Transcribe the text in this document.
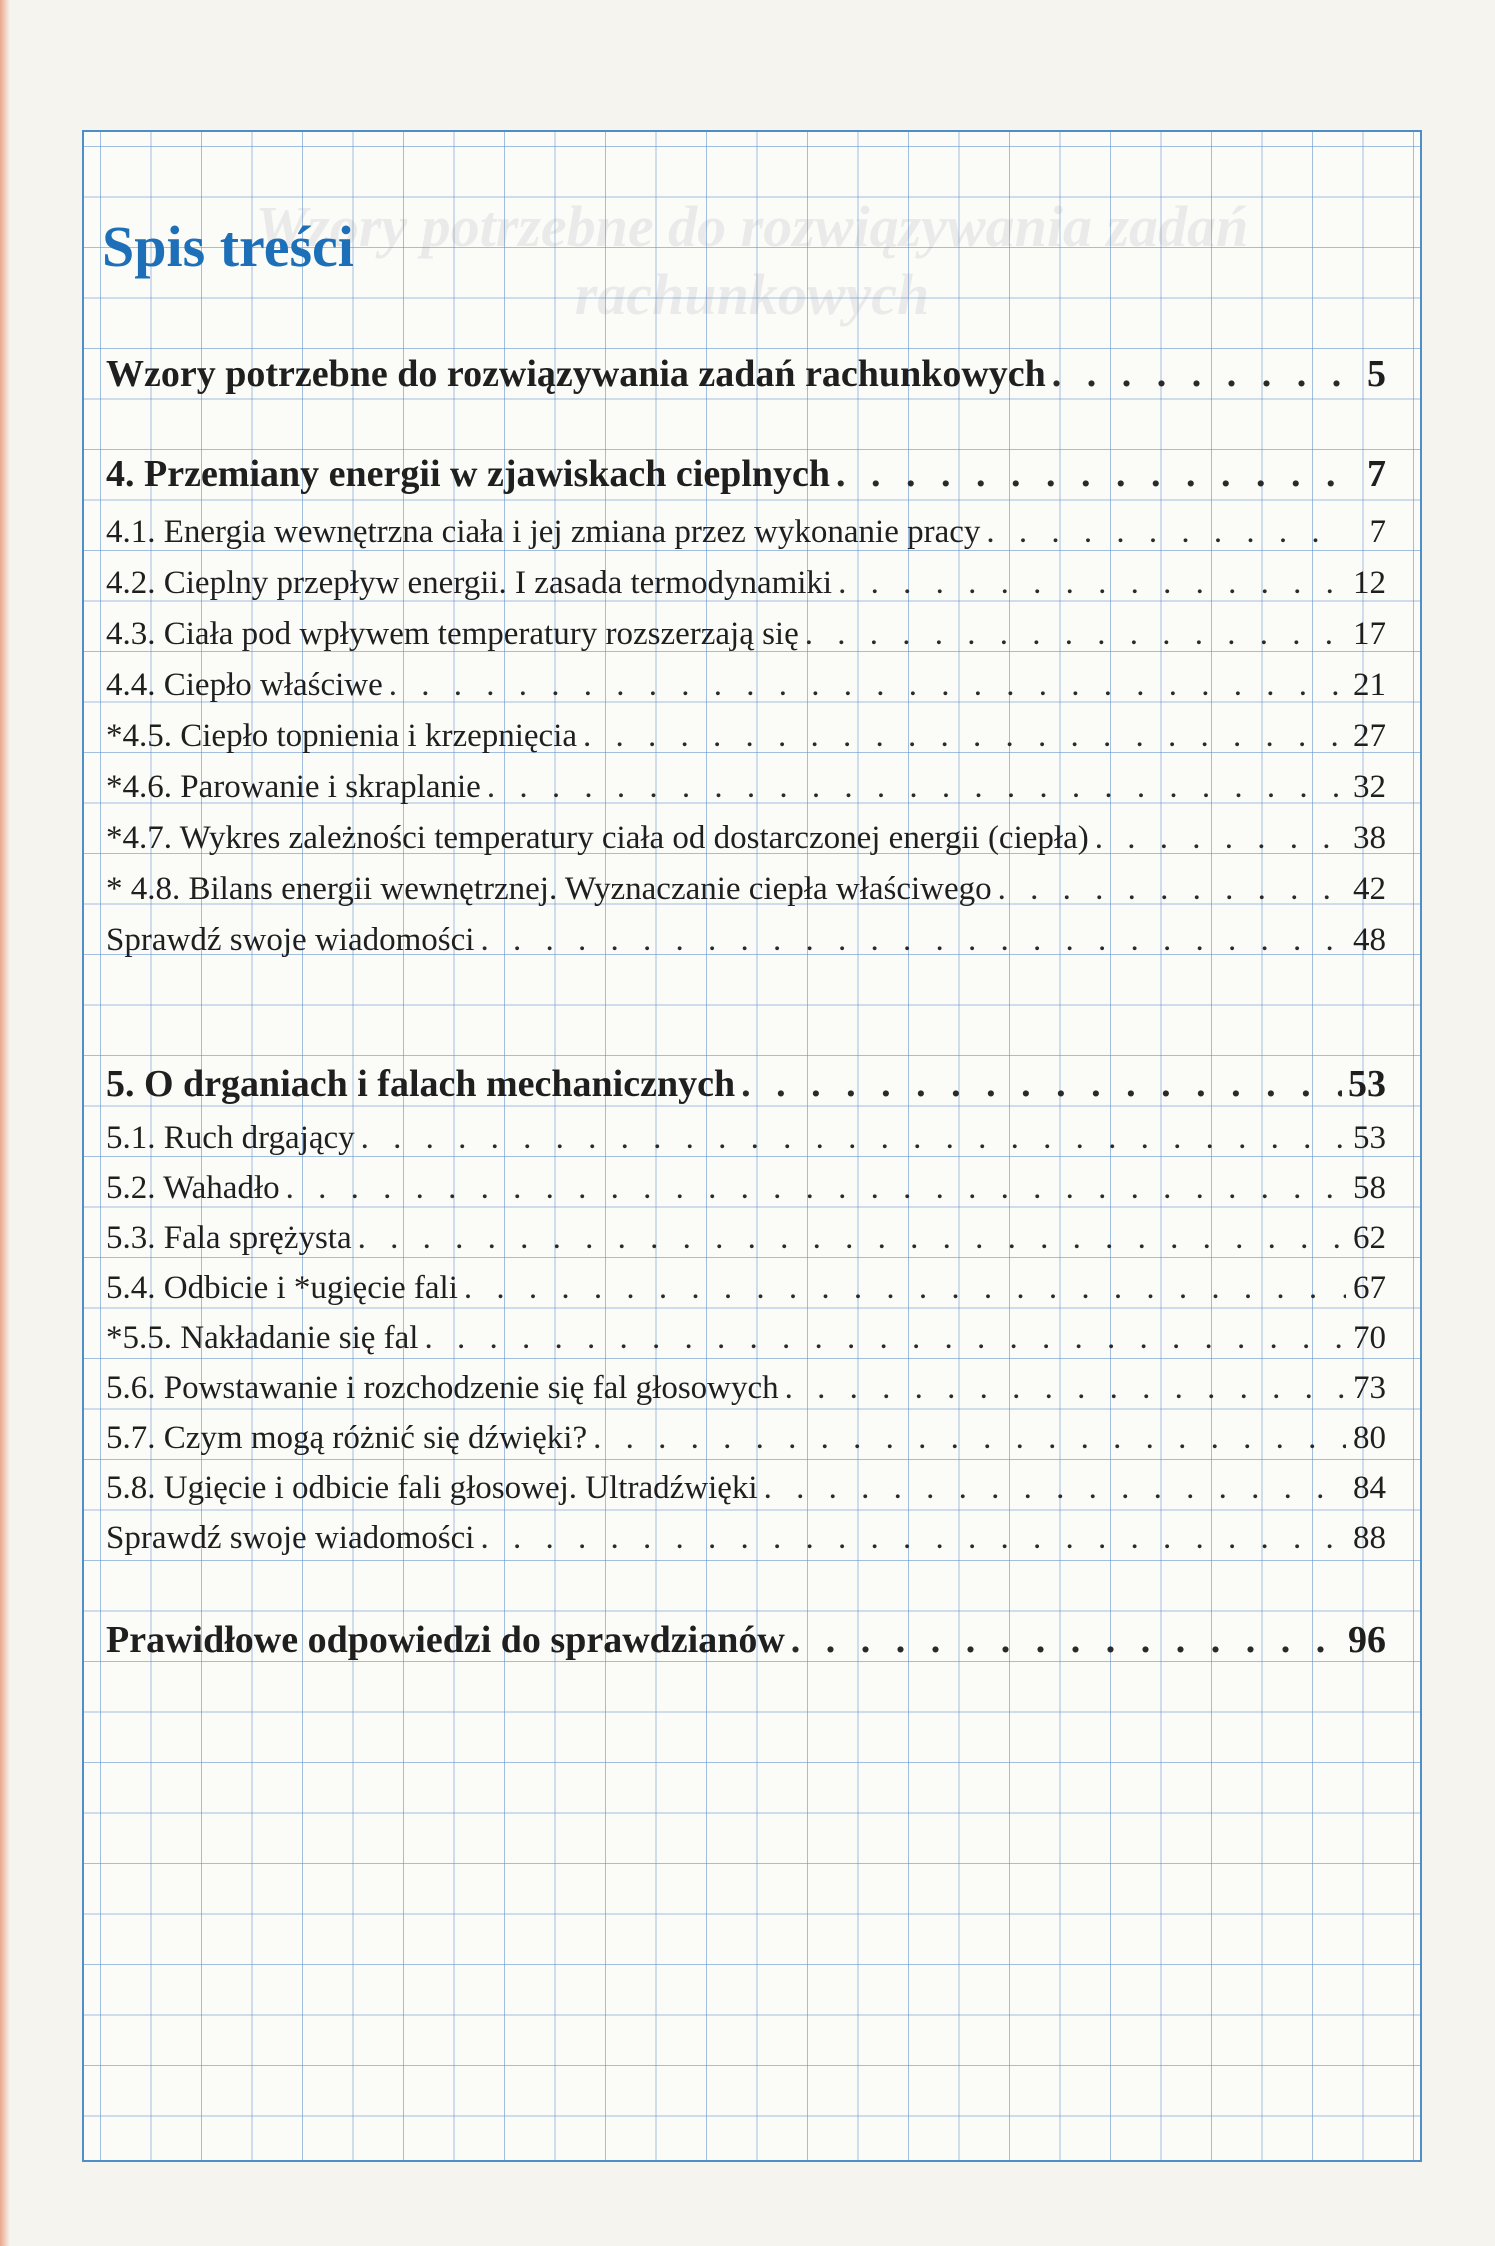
Wzory potrzebne do rozwiązywania zadań
rachunkowych
Spis treści
Wzory potrzebne do rozwiązywania zadań rachunkowych . . .	5
4. Przemiany energii w zjawiskach cieplnych . . .	7
4.1. Energia wewnętrzna ciała i jej zmiana przez wykonanie pracy . . .	7
4.2. Cieplny przepływ energii. I zasada termodynamiki . . .	12
4.3. Ciała pod wpływem temperatury rozszerzają się . . .	17
4.4. Ciepło właściwe . . .	21
*4.5. Ciepło topnienia i krzepnięcia . . .	27
*4.6. Parowanie i skraplanie . . .	32
*4.7. Wykres zależności temperatury ciała od dostarczonej energii (ciepła) . . .	38
* 4.8. Bilans energii wewnętrznej. Wyznaczanie ciepła właściwego . . .	42
Sprawdź swoje wiadomości . . .	48
5. O drganiach i falach mechanicznych . . .	53
5.1. Ruch drgający . . .	53
5.2. Wahadło . . .	58
5.3. Fala sprężysta . . .	62
5.4. Odbicie i *ugięcie fali . . .	67
*5.5. Nakładanie się fal . . .	70
5.6. Powstawanie i rozchodzenie się fal głosowych . . .	73
5.7. Czym mogą różnić się dźwięki? . . .	80
5.8. Ugięcie i odbicie fali głosowej. Ultradźwięki . . .	84
Sprawdź swoje wiadomości . . .	88
Prawidłowe odpowiedzi do sprawdzianów . . .	96
